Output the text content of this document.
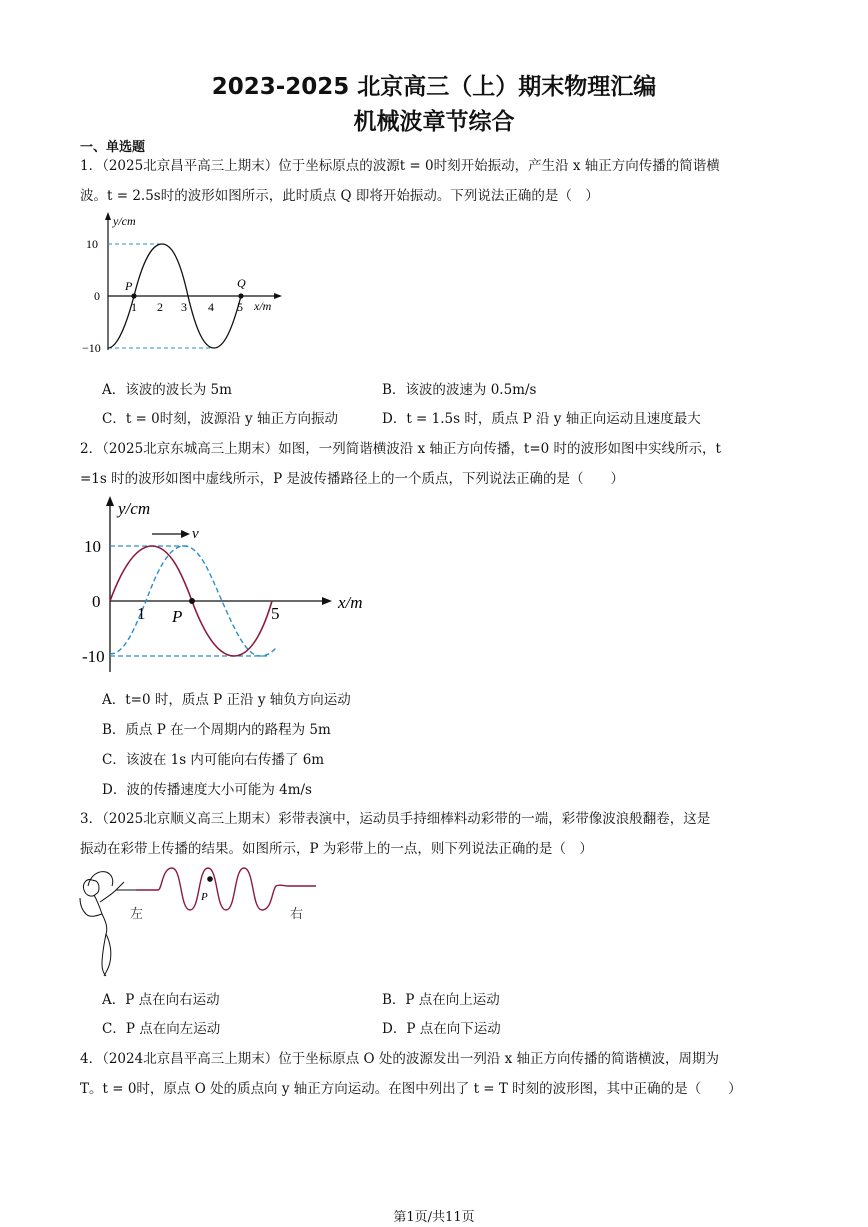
2023-2025 北京高三（上）期末物理汇编
机械波章节综合
一、单选题
1．（2025北京昌平高三上期末）位于坐标原点的波源t = 0时刻开始振动，产生沿 x 轴正方向传播的简谐横
波。t = 2.5s时的波形如图所示，此时质点 Q 即将开始振动。下列说法正确的是（　）
P	Q
y/cm
x/m
10
0
−10
1 2 3 4 5
A．该波的波长为 5m	B．该波的波速为 0.5m/s
C．t = 0时刻，波源沿 y 轴正方向振动	D．t = 1.5s 时，质点 P 沿 y 轴正向运动且速度最大
2．（2025北京东城高三上期末）如图，一列简谐横波沿 x 轴正方向传播，t=0 时的波形如图中实线所示，t
=1s 时的波形如图中虚线所示，P 是波传播路径上的一个质点，下列说法正确的是（　　）
v
P
y/cm
x/m
10
0
-10
1	5
A．t=0 时，质点 P 正沿 y 轴负方向运动
B．质点 P 在一个周期内的路程为 5m
C．该波在 1s 内可能向右传播了 6m
D．波的传播速度大小可能为 4m/s
3．（2025北京顺义高三上期末）彩带表演中，运动员手持细棒料动彩带的一端，彩带像波浪般翻卷，这是
振动在彩带上传播的结果。如图所示，P 为彩带上的一点，则下列说法正确的是（　）
P
左	右
A．P 点在向右运动	B．P 点在向上运动
C．P 点在向左运动	D．P 点在向下运动
4．（2024北京昌平高三上期末）位于坐标原点 O 处的波源发出一列沿 x 轴正方向传播的简谐横波，周期为
T。t = 0时，原点 O 处的质点向 y 轴正方向运动。在图中列出了 t = T 时刻的波形图，其中正确的是（　　）
第1页/共11页
